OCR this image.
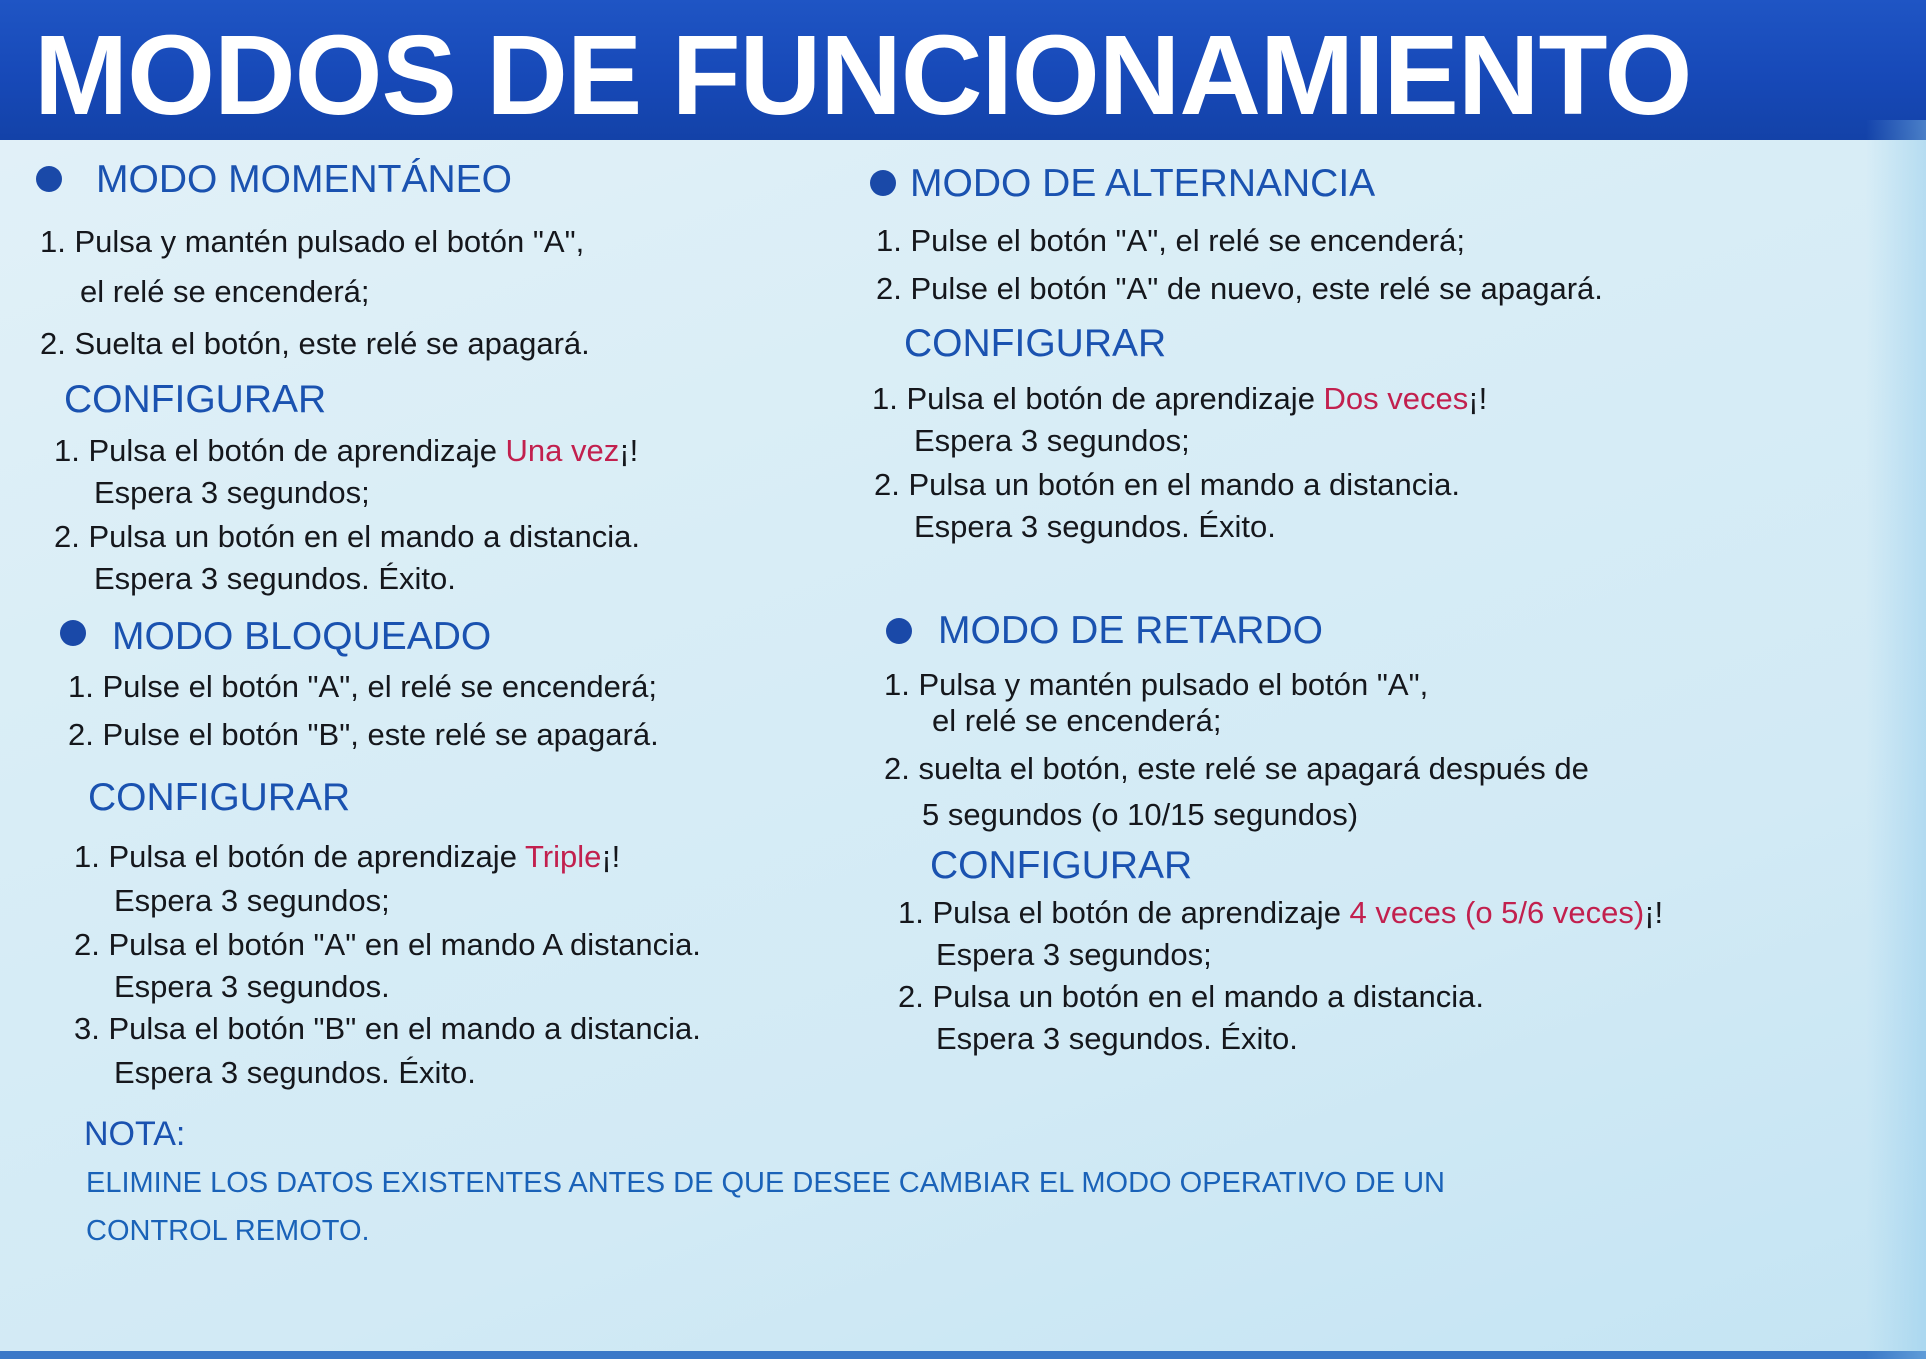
MODOS DE FUNCIONAMIENTO
MODO MOMENTÁNEO
1. Pulsa y mantén pulsado el botón "A",
el relé se encenderá;
2. Suelta el botón, este relé se apagará.
CONFIGURAR
1. Pulsa el botón de aprendizaje Una vez¡!
Espera 3 segundos;
2. Pulsa un botón en el mando a distancia.
Espera 3 segundos. Éxito.
MODO BLOQUEADO
1. Pulse el botón "A", el relé se encenderá;
2. Pulse el botón "B", este relé se apagará.
CONFIGURAR
1. Pulsa el botón de aprendizaje Triple¡!
Espera 3 segundos;
2. Pulsa el botón "A" en el mando A distancia.
Espera 3 segundos.
3. Pulsa el botón "B" en el mando a distancia.
Espera 3 segundos. Éxito.
MODO DE ALTERNANCIA
1. Pulse el botón "A", el relé se encenderá;
2. Pulse el botón "A" de nuevo, este relé se apagará.
CONFIGURAR
1. Pulsa el botón de aprendizaje Dos veces¡!
Espera 3 segundos;
2. Pulsa un botón en el mando a distancia.
Espera 3 segundos. Éxito.
MODO DE RETARDO
1. Pulsa y mantén pulsado el botón "A",
el relé se encenderá;
2. suelta el botón, este relé se apagará después de
5 segundos (o 10/15 segundos)
CONFIGURAR
1. Pulsa el botón de aprendizaje 4 veces (o 5/6 veces)¡!
Espera 3 segundos;
2. Pulsa un botón en el mando a distancia.
Espera 3 segundos. Éxito.
NOTA:
ELIMINE LOS DATOS EXISTENTES ANTES DE QUE DESEE CAMBIAR EL MODO OPERATIVO DE UN
CONTROL REMOTO.
